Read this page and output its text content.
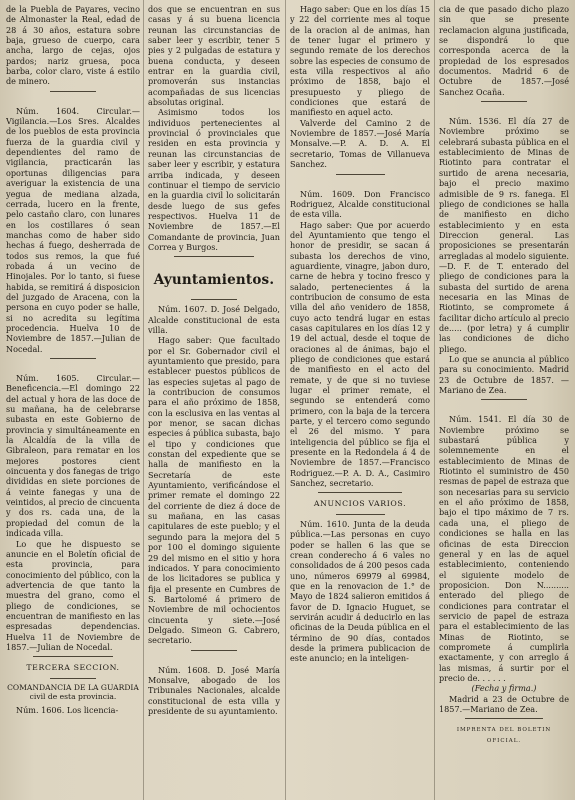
de la Puebla de Payares, vecino de Almonaster la Real, edad de 28 á 30 años, estatura sobre baja, grueso de cuerpo, cara ancha, largo de cejas, ojos pardos; nariz gruesa, poca barba, color claro, viste á estilo de minero.

Núm. 1604. Circular.—Vigilancia.—Los Sres. Alcaldes de los pueblos de esta provincia fuerza de la guardia civil y dependientes del ramo de vigilancia, practicarán las oportunas diligencias para averiguar la existencia de una yegua de mediana alzada, cerrada, lucero en la frente, pelo castaño claro, con lunares en los costillares ó sean manchas como de haber sido hechas á fuego, desherrada de todos sus remos, la que fué robada á un vecino de Hinojales. Por lo tanto, si fuese habida, se remitirá á disposicion del juzgado de Aracena, con la persona en cuyo poder se halle, si no acredita su legítima procedencia. Huelva 10 de Noviembre de 1857.—Julian de Nocedal.

Núm. 1605. Circular.—Beneficencia.—El domingo 22 del actual y hora de las doce de su mañana, ha de celebrarse subasta en este Gobierno de provincia y simultáneamente en la Alcaldía de la villa de Gibraleon, para rematar en los mejores postores cient oincuenta y dos fanegas de trigo divididas en siete porciones de á veinte fanegas y una de veintidos, al precio de cincuenta y dos rs. cada una, de la propiedad del comun de la indicada villa.

Lo que he dispuesto se anuncie en el Boletín oficial de esta provincia, para conocimiento del público, con la advertencia de que tanto la muestra del grano, como el pliego de condiciones, se encuentran de manifiesto en las espresadas dependencias. Huelva 11 de Noviembre de 1857.—Julian de Nocedal.

TERCERA SECCION.
COMANDANCIA DE LA GUARDIA civil de esta provincia.

Núm. 1606. Los licencia-

dos que se encuentran en sus casas y á su buena licencia reunan las circunstancias de saber leer y escribir, tener 5 pies y 2 pulgadas de estatura y buena conducta, y deseen entrar en la guardia civil, promoverán sus instancias acompañadas de sus licencias absolutas original.

Asimismo todos los individuos pertenecientes al provincial ó provinciales que residen en esta provincia y reunan las circunstancias de saber leer y escribir, y estatura arriba indicada, y deseen continuar el tiempo de servicio en la guardia civil lo solicitarán desde luego de sus gefes respectivos. Huelva 11 de Noviembre de 1857.—El Comandante de provincia, Juan Correa y Burgos.

Ayuntamientos.

Núm. 1607. D. José Delgado, Alcalde constitucional de esta villa.

Hago saber: Que facultado por el Sr. Gobernador civil el ayuntamiento que presido, para establecer puestos públicos de las especies sujetas al pago de la contribucion de consumos para el año próximo de 1858, con la esclusiva en las ventas al por menor, se sacan dichas especies á pública subasta, bajo el tipo y condiciones que constan del expediente que se halla de manifiesto en la Secretaría de este Ayuntamiento, verificándose el primer remate el domingo 22 del corriente de diez á doce de su mañana, en las casas capitulares de este pueblo; y el segundo para la mejora del 5 por 100 el domingo siguiente 29 del mismo en el sitio y hora indicados. Y para conocimiento de los licitadores se publica y fija el presente en Cumbres de S. Bartolomé á primero de Noviembre de mil ochocientos cincuenta y siete.—José Delgado. Simeon G. Cabrero, secretario.

Núm. 1608. D. José María Monsalve, abogado de los Tribunales Nacionales, alcalde constitucional de esta villa y presidente de su ayuntamiento.

Hago saber: Que en los días 15 y 22 del corriente mes al toque de la oracion al de animas, han de tener lugar el primero y segundo remate de los derechos sobre las especies de consumo de esta villa respectivos al año próximo de 1858, bajo el presupuesto y pliego de condiciones que estará de manifiesto en aquel acto.

Valverde del Camino 2 de Noviembre de 1857.—José María Monsalve.—P. A. D. A. El secretario, Tomas de Villanueva Sanchez.

Núm. 1609. Don Francisco Rodriguez, Alcalde constitucional de esta villa.

Hago saber: Que por acuerdo del Ayuntamiento que tengo el honor de presidir, se sacan á subasta los derechos de vino, aguardiente, vinagre, jabon duro, carne de hebra y tocino fresco y salado, pertenecientes á la contribucion de consumo de esta villa del año venidero de 1858, cuyo acto tendrá lugar en estas casas capitulares en los días 12 y 19 del actual, desde el toque de oraciones al de ánimas, bajo el pliego de condiciones que estará de manifiesto en el acto del remate, y de que si no tuviese lugar el primer remate, el segundo se entenderá como primero, con la baja de la tercera parte, y el tercero como segundo el 26 del mismo. Y para inteligencia del público se fija el presente en la Redondela á 4 de Noviembre de 1857.—Francisco Rodriguez.—P. A. D. A., Casimiro Sanchez, secretario.

ANUNCIOS VARIOS.

Núm. 1610. Junta de la deuda pública.—Las personas en cuyo poder se hallen 6 las que se crean conderecho á 6 vales no consolidados de á 200 pesos cada uno, números 69979 al 69984, que en la renovacion de 1.° de Mayo de 1824 salieron emitidos á favor de D. Ignacio Huguet, se servirán acudir á deducirlo en las oficinas de la Deuda pública en el término de 90 días, contados desde la primera publicacion de este anuncio; en la inteligen-

cia de que pasado dicho plazo sin que se presente reclamacion alguna justificada, se dispondrá lo que corresponda acerca de la propiedad de los espresados documentos. Madrid 6 de Octubre de 1857.—José Sanchez Ocaña.

Núm. 1536. El día 27 de Noviembre próximo se celebrará subasta pública en el establecimiento de Minas de Riotinto para contratar el surtido de arena necesaria, bajo el precio maximo admisible de 9 rs. fanega. El pliego de condiciones se halla de manifiesto en dicho establecimiento y en esta Direccion general. Las proposiciones se presentarán arregladas al modelo siguiente.—D. F. de T. enterado del pliego de condiciones para la subasta del surtido de arena necesaria en las Minas de Riotinto, se compromete á facilitar dicho artículo al precio de..... (por letra) y á cumplir las condiciones de dicho pliego.

Lo que se anuncia al público para su conocimiento. Madrid 23 de Octubre de 1857. —Mariano de Zea.

Núm. 1541. El día 30 de Noviembre próximo se subastará pública y solemnemente en el establecimiento de Minas de Riotinto el suministro de 450 resmas de papel de estraza que son necesarias para su servicio en el año próximo de 1858, bajo el tipo máximo de 7 rs. cada una, el pliego de condiciones se halla en las oficinas de esta Direccion general y en las de aquel establecimiento, conteniendo el siguiente modelo de proposicion. Don N.......... enterado del pliego de condiciones para contratar el servicio de papel de estraza para el establecimiento de las Minas de Riotinto, se compromete á cumplirla exactamente, y con arreglo á las mismas, á surtir por el precio de. . . . . .

(Fecha y firma.)

Madrid a 23 de Octubre de 1857.—Mariano de Zea.

IMPRENTA DEL BOLETIN OFICIAL.
